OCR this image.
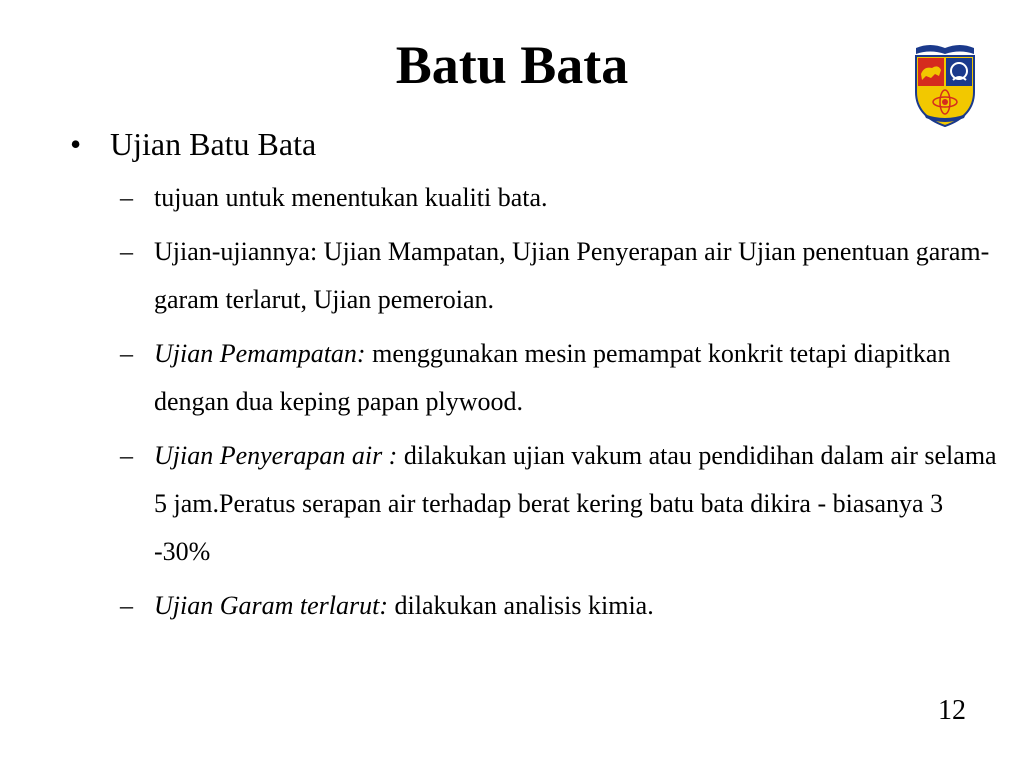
Batu Bata
• Ujian Batu Bata
– tujuan untuk menentukan kualiti bata.
– Ujian-ujiannya: Ujian Mampatan, Ujian Penyerapan air Ujian penentuan garam-garam terlarut, Ujian pemeroian.
– Ujian Pemampatan: menggunakan mesin pemampat konkrit tetapi diapitkan dengan dua keping papan plywood.
– Ujian Penyerapan air : dilakukan ujian vakum atau pendidihan dalam air selama 5 jam.Peratus serapan air terhadap berat kering batu bata dikira - biasanya 3 -30%
– Ujian Garam terlarut: dilakukan analisis kimia.
12
